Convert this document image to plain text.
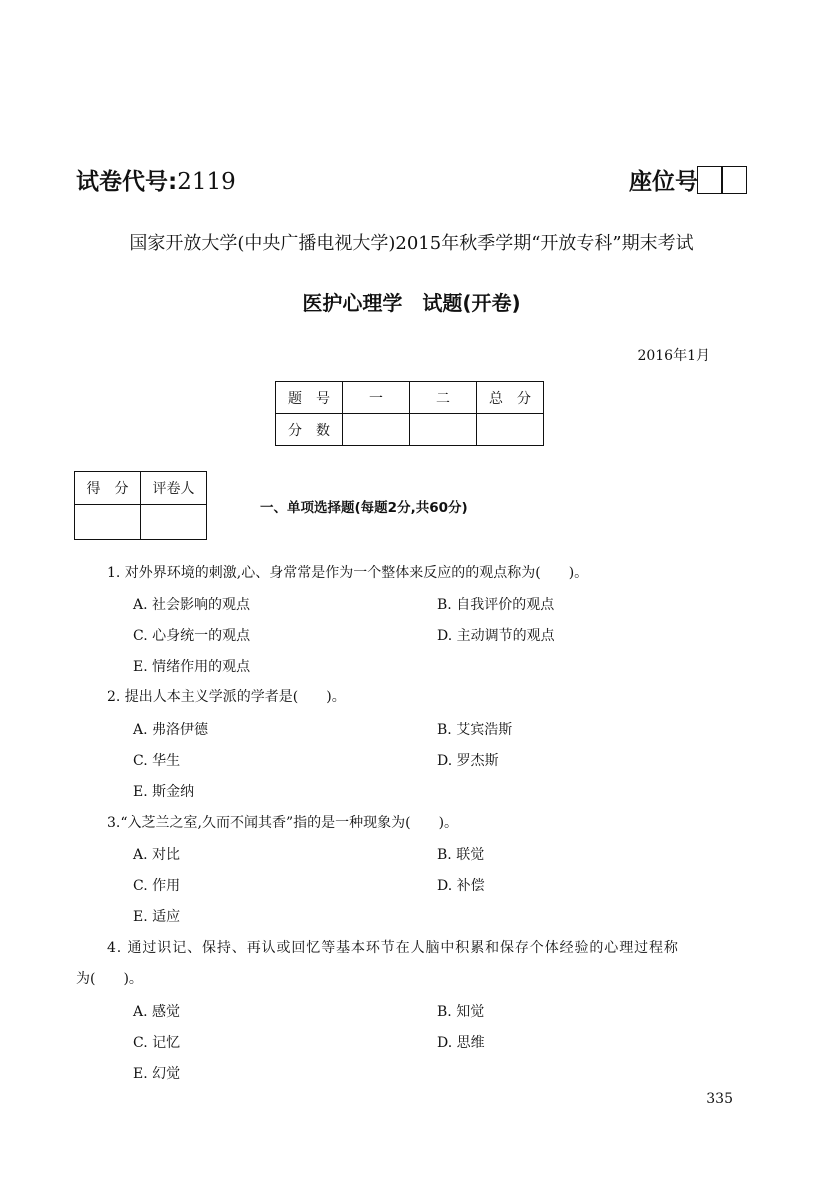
试卷代号:2119	座位号
国家开放大学(中央广播电视大学)2015年秋季学期“开放专科”期末考试
医护心理学　试题(开卷)
2016年1月
题　号	一	二	总　分
分　数			
得　分	评卷人

一、单项选择题(每题2分,共60分)
1. 对外界环境的刺激,心、身常常是作为一个整体来反应的的观点称为(　　)。
A. 社会影响的观点	B. 自我评价的观点
C. 心身统一的观点	D. 主动调节的观点
E. 情绪作用的观点
2. 提出人本主义学派的学者是(　　)。
A. 弗洛伊德	B. 艾宾浩斯
C. 华生	D. 罗杰斯
E. 斯金纳
3.“入芝兰之室,久而不闻其香”指的是一种现象为(　　)。
A. 对比	B. 联觉
C. 作用	D. 补偿
E. 适应
4. 通过识记、保持、再认或回忆等基本环节在人脑中积累和保存个体经验的心理过程称
为(　　)。
A. 感觉	B. 知觉
C. 记忆	D. 思维
E. 幻觉
335
